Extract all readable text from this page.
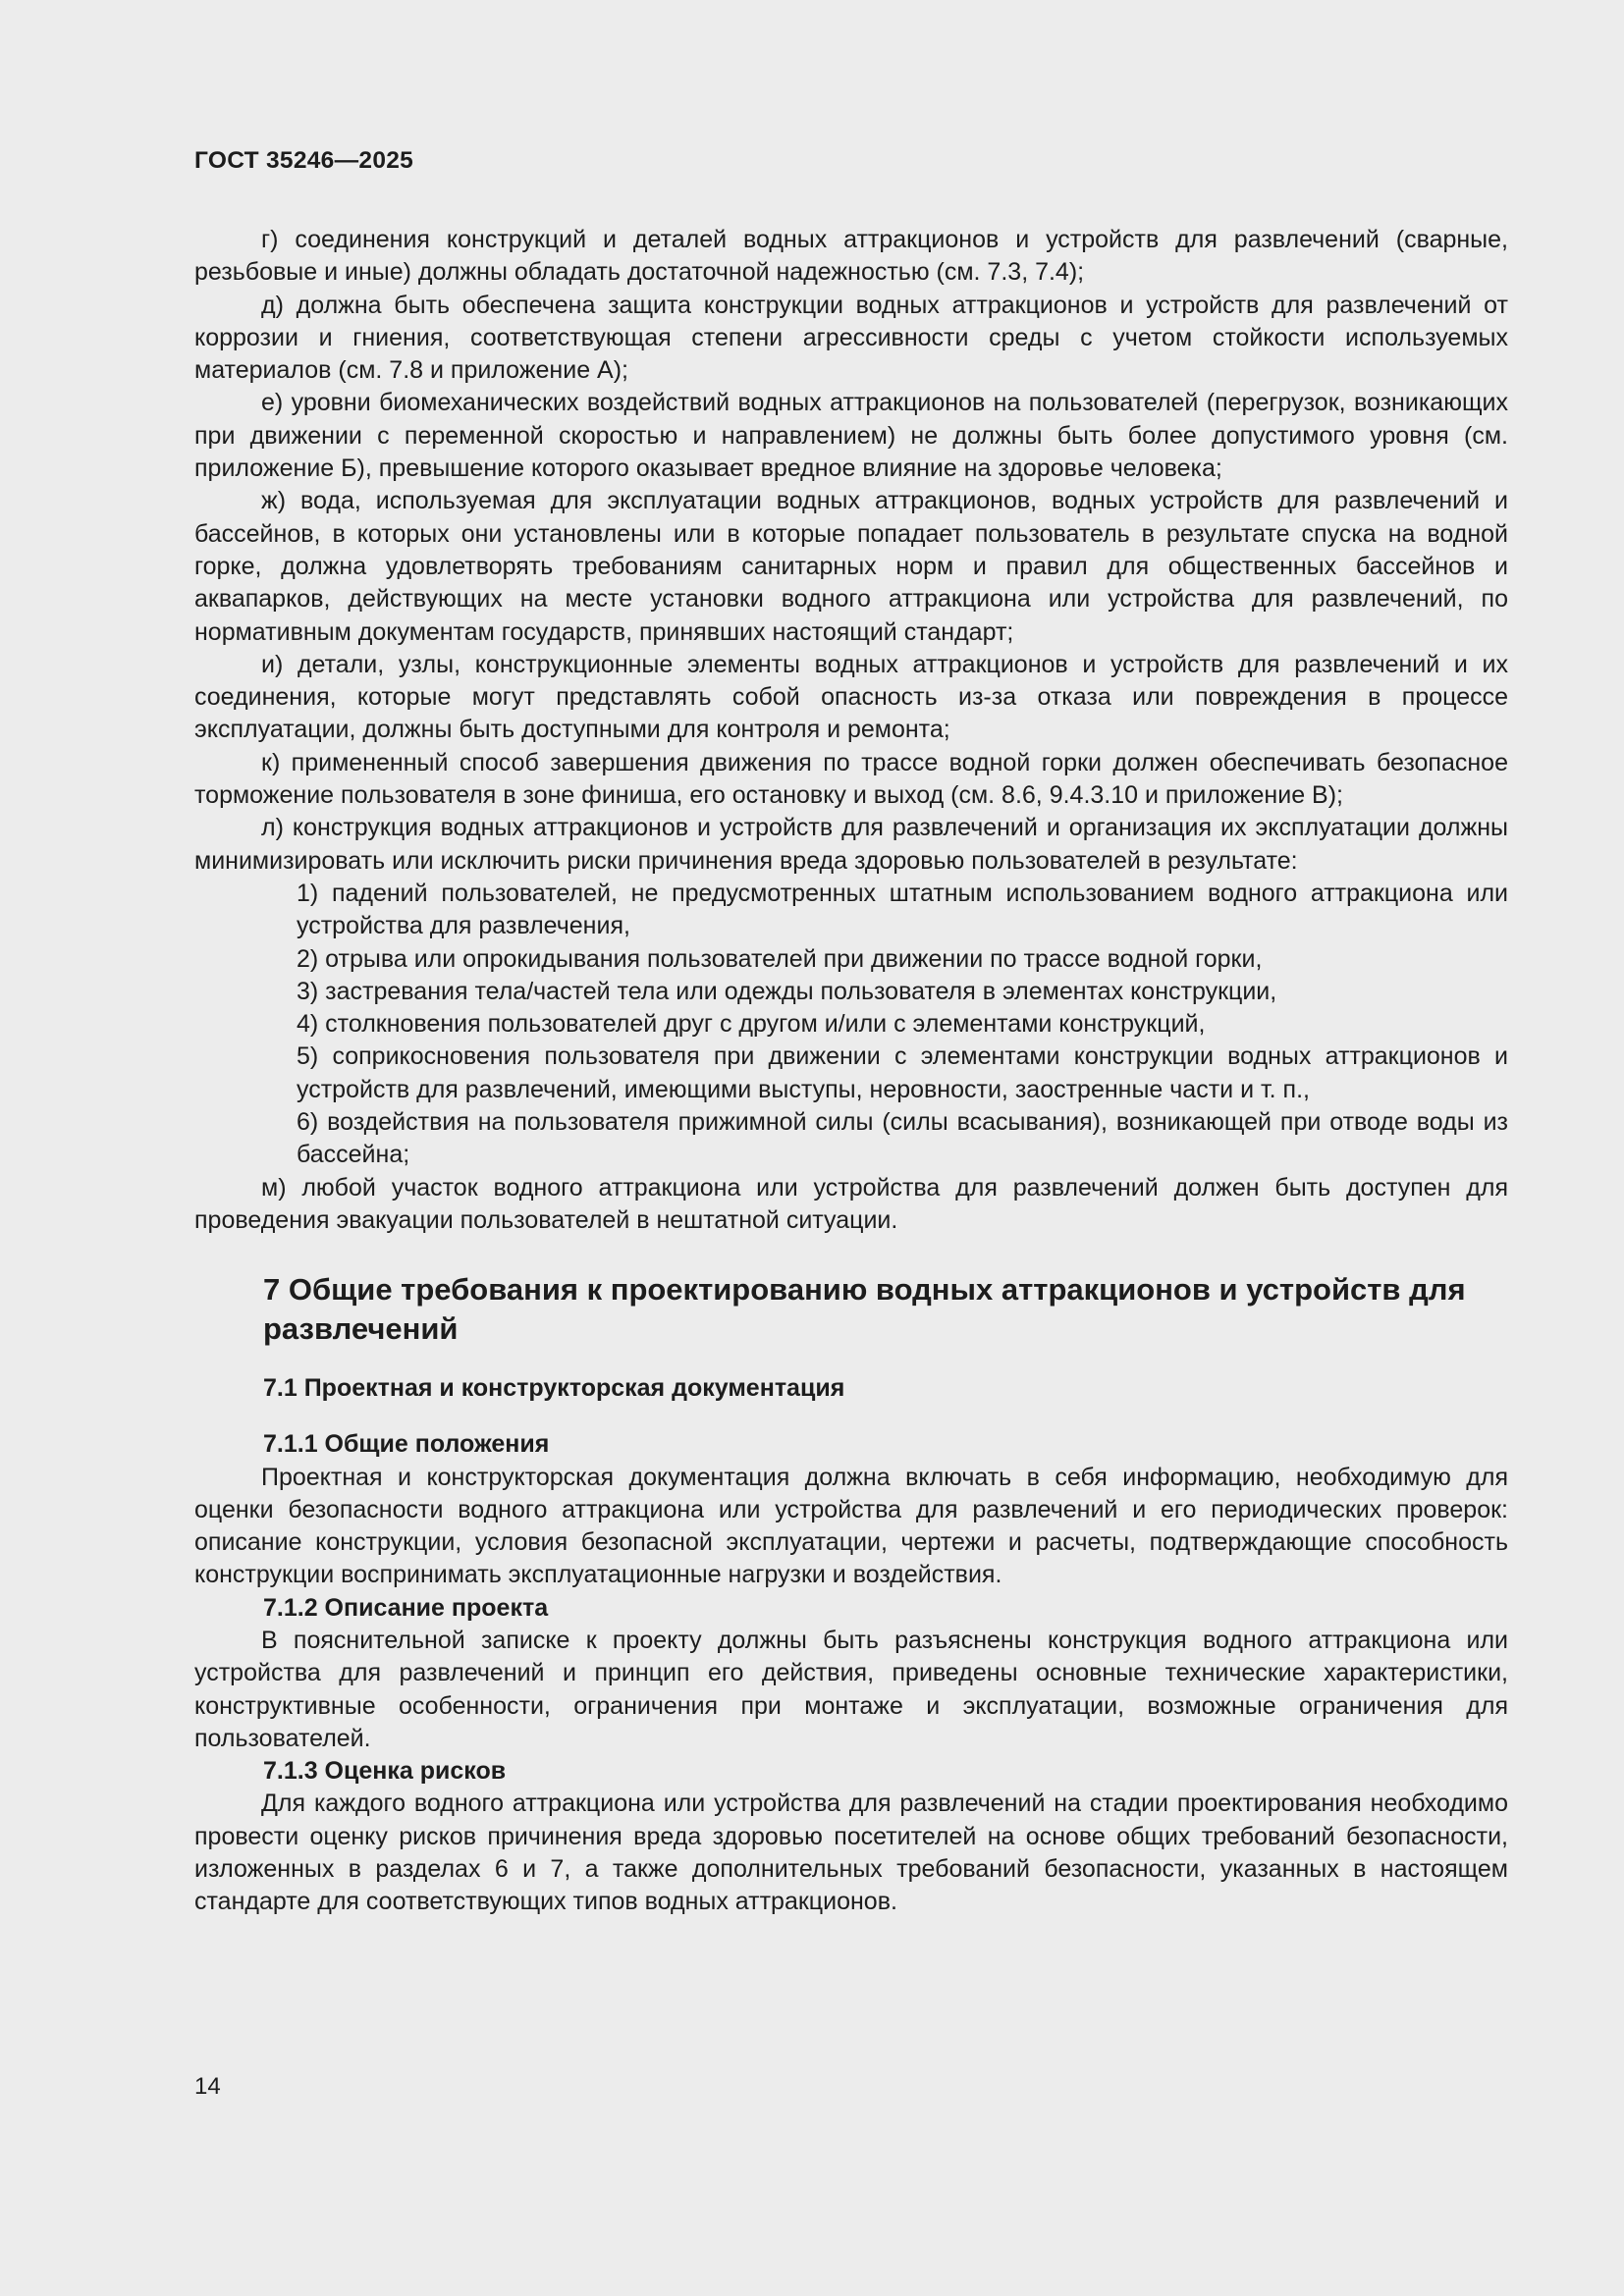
ГОСТ 35246—2025

г) соединения конструкций и деталей водных аттракционов и устройств для развлечений (сварные, резьбовые и иные) должны обладать достаточной надежностью (см. 7.3, 7.4);

д) должна быть обеспечена защита конструкции водных аттракционов и устройств для развлечений от коррозии и гниения, соответствующая степени агрессивности среды с учетом стойкости используемых материалов (см. 7.8 и приложение А);

е) уровни биомеханических воздействий водных аттракционов на пользователей (перегрузок, возникающих при движении с переменной скоростью и направлением) не должны быть более допустимого уровня (см. приложение Б), превышение которого оказывает вредное влияние на здоровье человека;

ж) вода, используемая для эксплуатации водных аттракционов, водных устройств для развлечений и бассейнов, в которых они установлены или в которые попадает пользователь в результате спуска на водной горке, должна удовлетворять требованиям санитарных норм и правил для общественных бассейнов и аквапарков, действующих на месте установки водного аттракциона или устройства для развлечений, по нормативным документам государств, принявших настоящий стандарт;

и) детали, узлы, конструкционные элементы водных аттракционов и устройств для развлечений и их соединения, которые могут представлять собой опасность из-за отказа или повреждения в процессе эксплуатации, должны быть доступными для контроля и ремонта;

к) примененный способ завершения движения по трассе водной горки должен обеспечивать безопасное торможение пользователя в зоне финиша, его остановку и выход (см. 8.6, 9.4.3.10 и приложение В);

л) конструкция водных аттракционов и устройств для развлечений и организация их эксплуатации должны минимизировать или исключить риски причинения вреда здоровью пользователей в результате:

1) падений пользователей, не предусмотренных штатным использованием водного аттракциона или устройства для развлечения,

2) отрыва или опрокидывания пользователей при движении по трассе водной горки,

3) застревания тела/частей тела или одежды пользователя в элементах конструкции,

4) столкновения пользователей друг с другом и/или с элементами конструкций,

5) соприкосновения пользователя при движении с элементами конструкции водных аттракционов и устройств для развлечений, имеющими выступы, неровности, заостренные части и т. п.,

6) воздействия на пользователя прижимной силы (силы всасывания), возникающей при отводе воды из бассейна;

м) любой участок водного аттракциона или устройства для развлечений должен быть доступен для проведения эвакуации пользователей в нештатной ситуации.

7 Общие требования к проектированию водных аттракционов и устройств для развлечений
7.1 Проектная и конструкторская документация
7.1.1 Общие положения

Проектная и конструкторская документация должна включать в себя информацию, необходимую для оценки безопасности водного аттракциона или устройства для развлечений и его периодических проверок: описание конструкции, условия безопасной эксплуатации, чертежи и расчеты, подтверждающие способность конструкции воспринимать эксплуатационные нагрузки и воздействия.

7.1.2 Описание проекта

В пояснительной записке к проекту должны быть разъяснены конструкция водного аттракциона или устройства для развлечений и принцип его действия, приведены основные технические характеристики, конструктивные особенности, ограничения при монтаже и эксплуатации, возможные ограничения для пользователей.

7.1.3 Оценка рисков

Для каждого водного аттракциона или устройства для развлечений на стадии проектирования необходимо провести оценку рисков причинения вреда здоровью посетителей на основе общих требований безопасности, изложенных в разделах 6 и 7, а также дополнительных требований безопасности, указанных в настоящем стандарте для соответствующих типов водных аттракционов.

14
